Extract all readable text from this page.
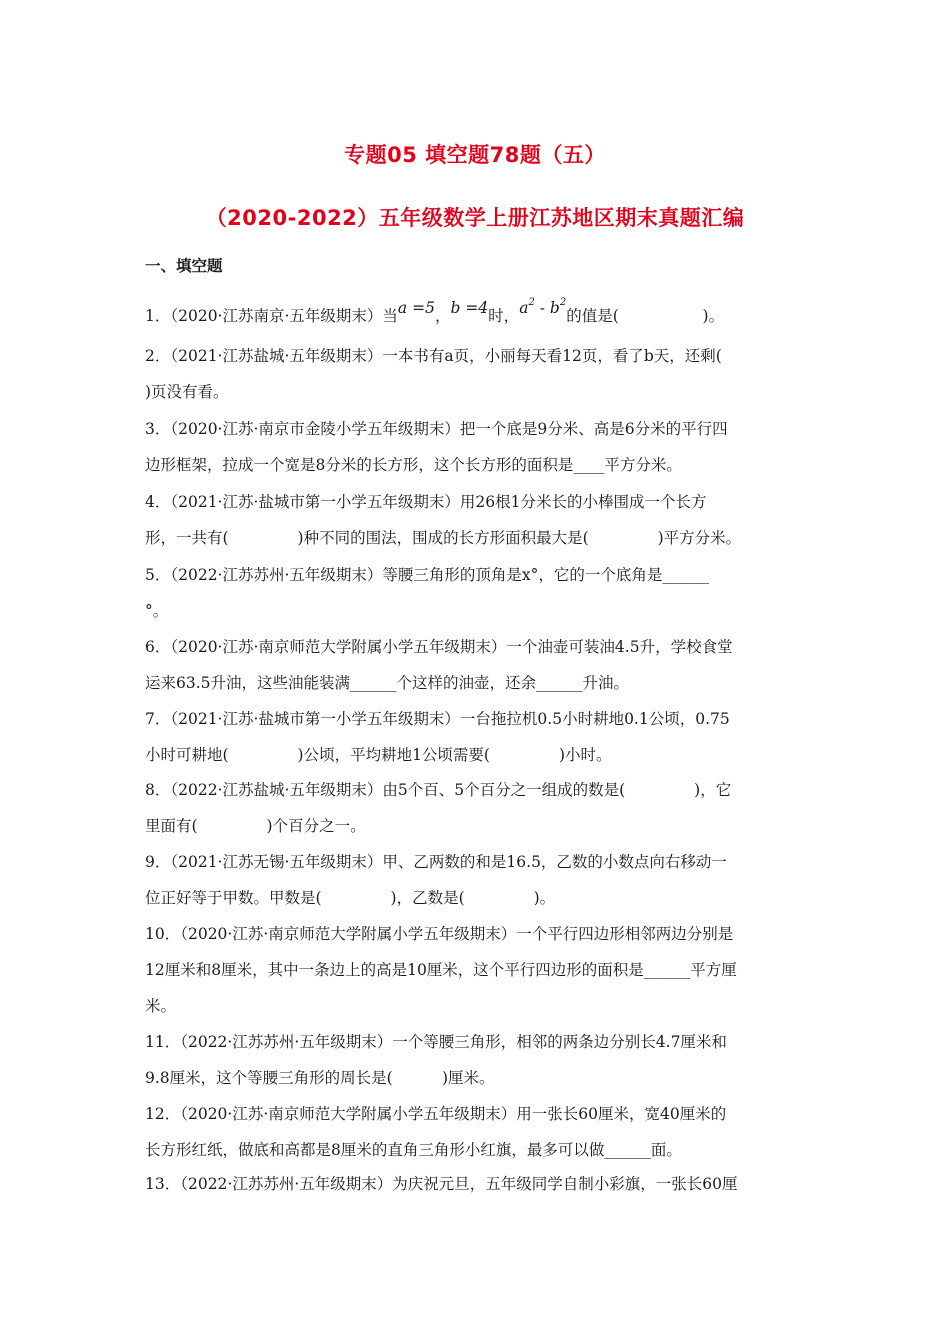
专题05 填空题78题（五）
（2020-2022）五年级数学上册江苏地区期末真题汇编
一、填空题
1．（2020·江苏南京·五年级期末）当a =5，b =4时，$a^2 - b^2$的值是(                 )。
2．（2021·江苏盐城·五年级期末）一本书有a页，小丽每天看12页，看了b天，还剩(
)页没有看。
3．（2020·江苏·南京市金陵小学五年级期末）把一个底是9分米、高是6分米的平行四
边形框架，拉成一个宽是8分米的长方形，这个长方形的面积是____平方分米。
4．（2021·江苏·盐城市第一小学五年级期末）用26根1分米长的小棒围成一个长方
形，一共有(              )种不同的围法，围成的长方形面积最大是(              )平方分米。
5．（2022·江苏苏州·五年级期末）等腰三角形的顶角是x°，它的一个底角是______
°。
6．（2020·江苏·南京师范大学附属小学五年级期末）一个油壶可装油4.5升，学校食堂
运来63.5升油，这些油能装满______个这样的油壶，还余______升油。
7．（2021·江苏·盐城市第一小学五年级期末）一台拖拉机0.5小时耕地0.1公顷，0.75
小时可耕地(              )公顷，平均耕地1公顷需要(              )小时。
8．（2022·江苏盐城·五年级期末）由5个百、5个百分之一组成的数是(              )，它
里面有(              )个百分之一。
9．（2021·江苏无锡·五年级期末）甲、乙两数的和是16.5，乙数的小数点向右移动一
位正好等于甲数。甲数是(              )，乙数是(              )。
10．（2020·江苏·南京师范大学附属小学五年级期末）一个平行四边形相邻两边分别是
12厘米和8厘米，其中一条边上的高是10厘米，这个平行四边形的面积是______平方厘
米。
11．（2022·江苏苏州·五年级期末）一个等腰三角形，相邻的两条边分别长4.7厘米和
9.8厘米，这个等腰三角形的周长是(          )厘米。
12．（2020·江苏·南京师范大学附属小学五年级期末）用一张长60厘米，宽40厘米的
长方形红纸，做底和高都是8厘米的直角三角形小红旗，最多可以做______面。
13．（2022·江苏苏州·五年级期末）为庆祝元旦，五年级同学自制小彩旗，一张长60厘
